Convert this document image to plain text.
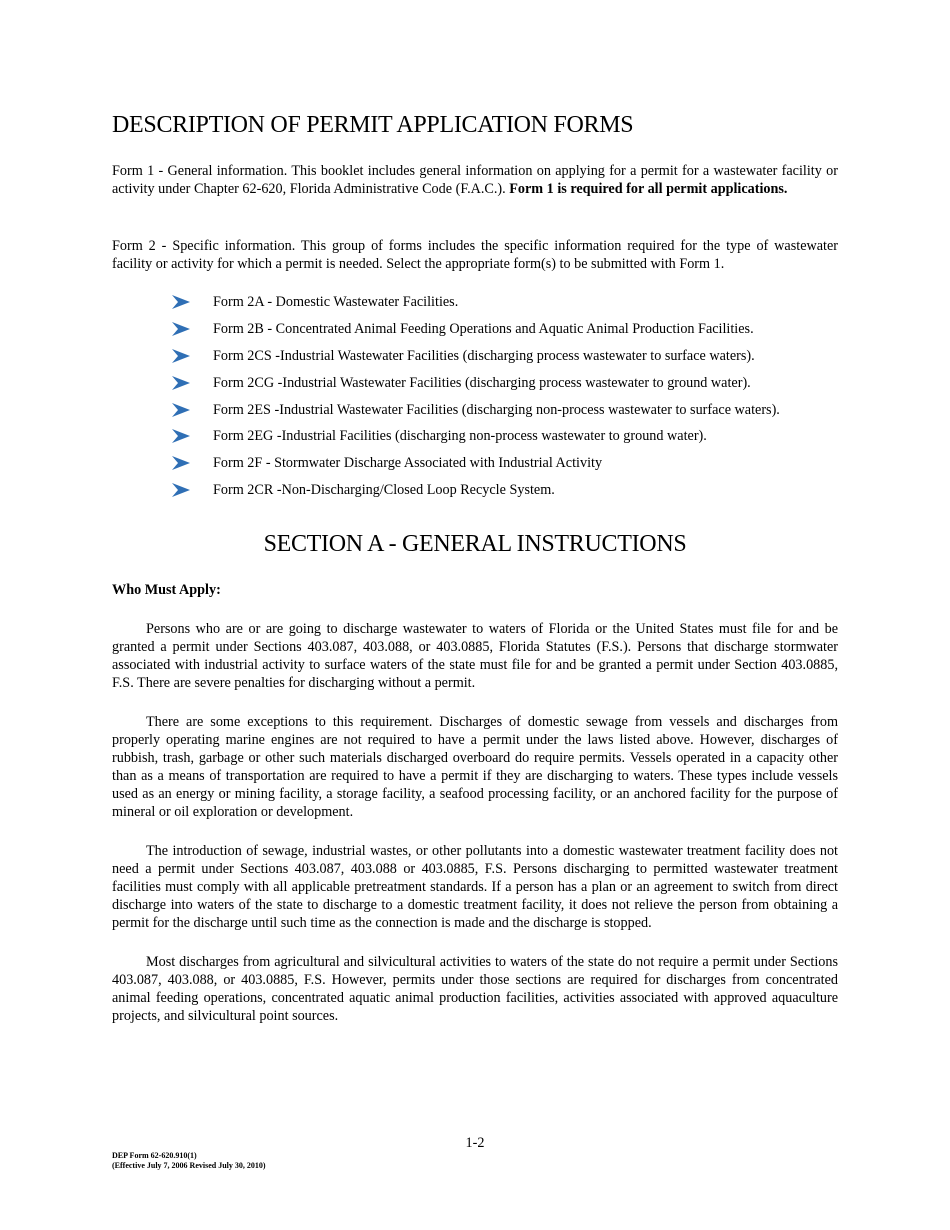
DESCRIPTION OF PERMIT APPLICATION FORMS

Form 1 - General information. This booklet includes general information on applying for a permit for a wastewater facility or activity under Chapter 62-620, Florida Administrative Code (F.A.C.). Form 1 is required for all permit applications.

Form 2 - Specific information. This group of forms includes the specific information required for the type of wastewater facility or activity for which a permit is needed. Select the appropriate form(s) to be submitted with Form 1.

Form 2A - Domestic Wastewater Facilities.
Form 2B - Concentrated Animal Feeding Operations and Aquatic Animal Production Facilities.
Form 2CS -Industrial Wastewater Facilities (discharging process wastewater to surface waters).
Form 2CG -Industrial Wastewater Facilities (discharging process wastewater to ground water).
Form 2ES -Industrial Wastewater Facilities (discharging non-process wastewater to surface waters).
Form 2EG -Industrial Facilities (discharging non-process wastewater to ground water).
Form 2F - Stormwater Discharge Associated with Industrial Activity
Form 2CR -Non-Discharging/Closed Loop Recycle System.
SECTION A - GENERAL INSTRUCTIONS

Who Must Apply:

Persons who are or are going to discharge wastewater to waters of Florida or the United States must file for and be granted a permit under Sections 403.087, 403.088, or 403.0885, Florida Statutes (F.S.). Persons that discharge stormwater associated with industrial activity to surface waters of the state must file for and be granted a permit under Section 403.0885, F.S. There are severe penalties for discharging without a permit.

There are some exceptions to this requirement. Discharges of domestic sewage from vessels and discharges from properly operating marine engines are not required to have a permit under the laws listed above. However, discharges of rubbish, trash, garbage or other such materials discharged overboard do require permits. Vessels operated in a capacity other than as a means of transportation are required to have a permit if they are discharging to waters. These types include vessels used as an energy or mining facility, a storage facility, a seafood processing facility, or an anchored facility for the purpose of mineral or oil exploration or development.

The introduction of sewage, industrial wastes, or other pollutants into a domestic wastewater treatment facility does not need a permit under Sections 403.087, 403.088 or 403.0885, F.S. Persons discharging to permitted wastewater treatment facilities must comply with all applicable pretreatment standards. If a person has a plan or an agreement to switch from direct discharge into waters of the state to discharge to a domestic treatment facility, it does not relieve the person from obtaining a permit for the discharge until such time as the connection is made and the discharge is stopped.

Most discharges from agricultural and silvicultural activities to waters of the state do not require a permit under Sections 403.087, 403.088, or 403.0885, F.S. However, permits under those sections are required for discharges from concentrated animal feeding operations, concentrated aquatic animal production facilities, activities associated with approved aquaculture projects, and silvicultural point sources.

1-2
DEP Form 62-620.910(1)
(Effective July 7, 2006 Revised July 30, 2010)
